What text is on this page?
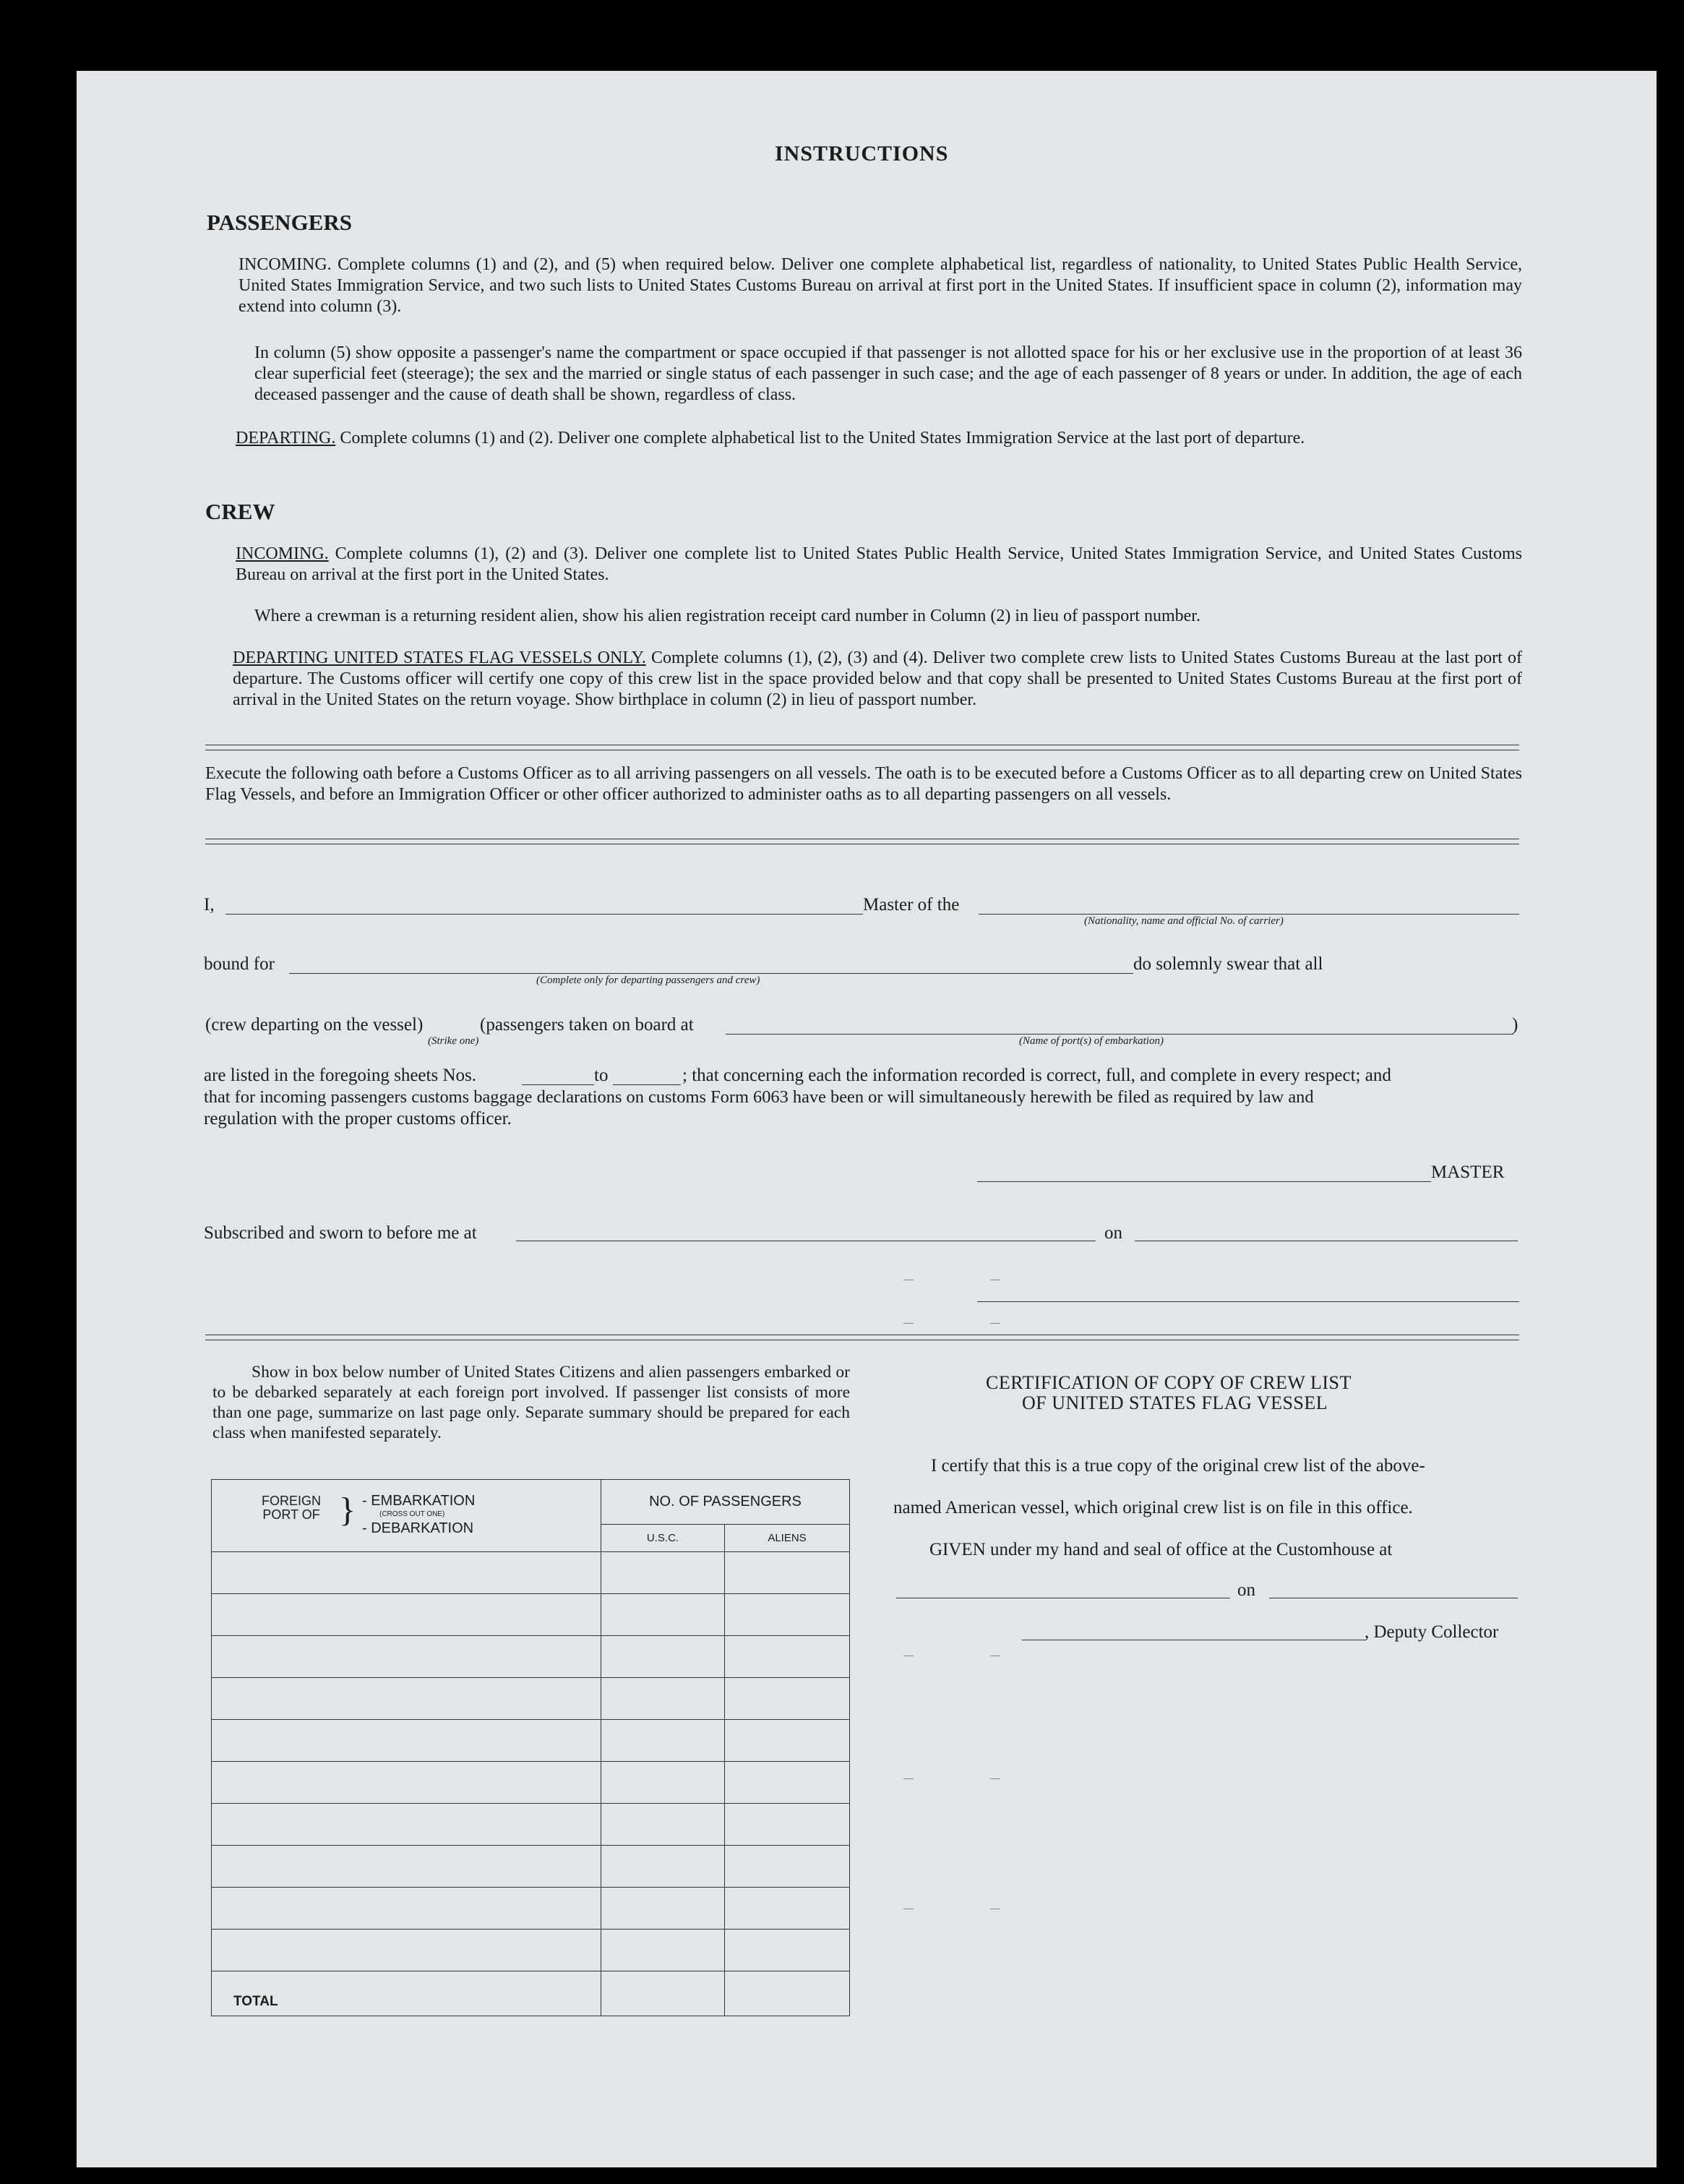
INSTRUCTIONS
PASSENGERS
INCOMING. Complete columns (1) and (2), and (5) when required below. Deliver one complete alphabetical list, regardless of nationality, to United States Public Health Service, United States Immigration Service, and two such lists to United States Customs Bureau on arrival at first port in the United States. If insufficient space in column (2), information may extend into column (3).
In column (5) show opposite a passenger's name the compartment or space occupied if that passenger is not allotted space for his or her exclusive use in the proportion of at least 36 clear superficial feet (steerage); the sex and the married or single status of each passenger in such case; and the age of each passenger of 8 years or under. In addition, the age of each deceased passenger and the cause of death shall be shown, regardless of class.
DEPARTING. Complete columns (1) and (2). Deliver one complete alphabetical list to the United States Immigration Service at the last port of departure.
CREW
INCOMING. Complete columns (1), (2) and (3). Deliver one complete list to United States Public Health Service, United States Immigration Service, and United States Customs Bureau on arrival at the first port in the United States.
Where a crewman is a returning resident alien, show his alien registration receipt card number in Column (2) in lieu of passport number.
DEPARTING UNITED STATES FLAG VESSELS ONLY. Complete columns (1), (2), (3) and (4). Deliver two complete crew lists to United States Customs Bureau at the last port of departure. The Customs officer will certify one copy of this crew list in the space provided below and that copy shall be presented to United States Customs Bureau at the first port of arrival in the United States on the return voyage. Show birthplace in column (2) in lieu of passport number.
Execute the following oath before a Customs Officer as to all arriving passengers on all vessels. The oath is to be executed before a Customs Officer as to all departing crew on United States Flag Vessels, and before an Immigration Officer or other officer authorized to administer oaths as to all departing passengers on all vessels.
I,	Master of the
(Nationality, name and official No. of carrier)
bound for
(Complete only for departing passengers and crew)
do solemnly swear that all
(crew departing on the vessel)	(passengers taken on board at	)
(Strike one)	(Name of port(s) of embarkation)
are listed in the foregoing sheets Nos.	to	; that concerning each the information recorded is correct, full, and complete in every respect; and
that for incoming passengers customs baggage declarations on customs Form 6063 have been or will simultaneously herewith be filed as required by law and
regulation with the proper customs officer.
MASTER
Subscribed and sworn to before me at	on
Show in box below number of United States Citizens and alien passengers embarked or to be debarked separately at each foreign port involved. If passenger list consists of more than one page, summarize on last page only. Separate summary should be prepared for each class when manifested separately.
FOREIGN PORT OF } - EMBARKATION
(CROSS OUT ONE)
- DEBARKATION	NO. OF PASSENGERS	
	U.S.C.	ALIENS

TOTAL		
CERTIFICATION OF COPY OF CREW LIST
OF UNITED STATES FLAG VESSEL
I certify that this is a true copy of the original crew list of the above-
named American vessel, which original crew list is on file in this office.
GIVEN under my hand and seal of office at the Customhouse at
on
, Deputy Collector
